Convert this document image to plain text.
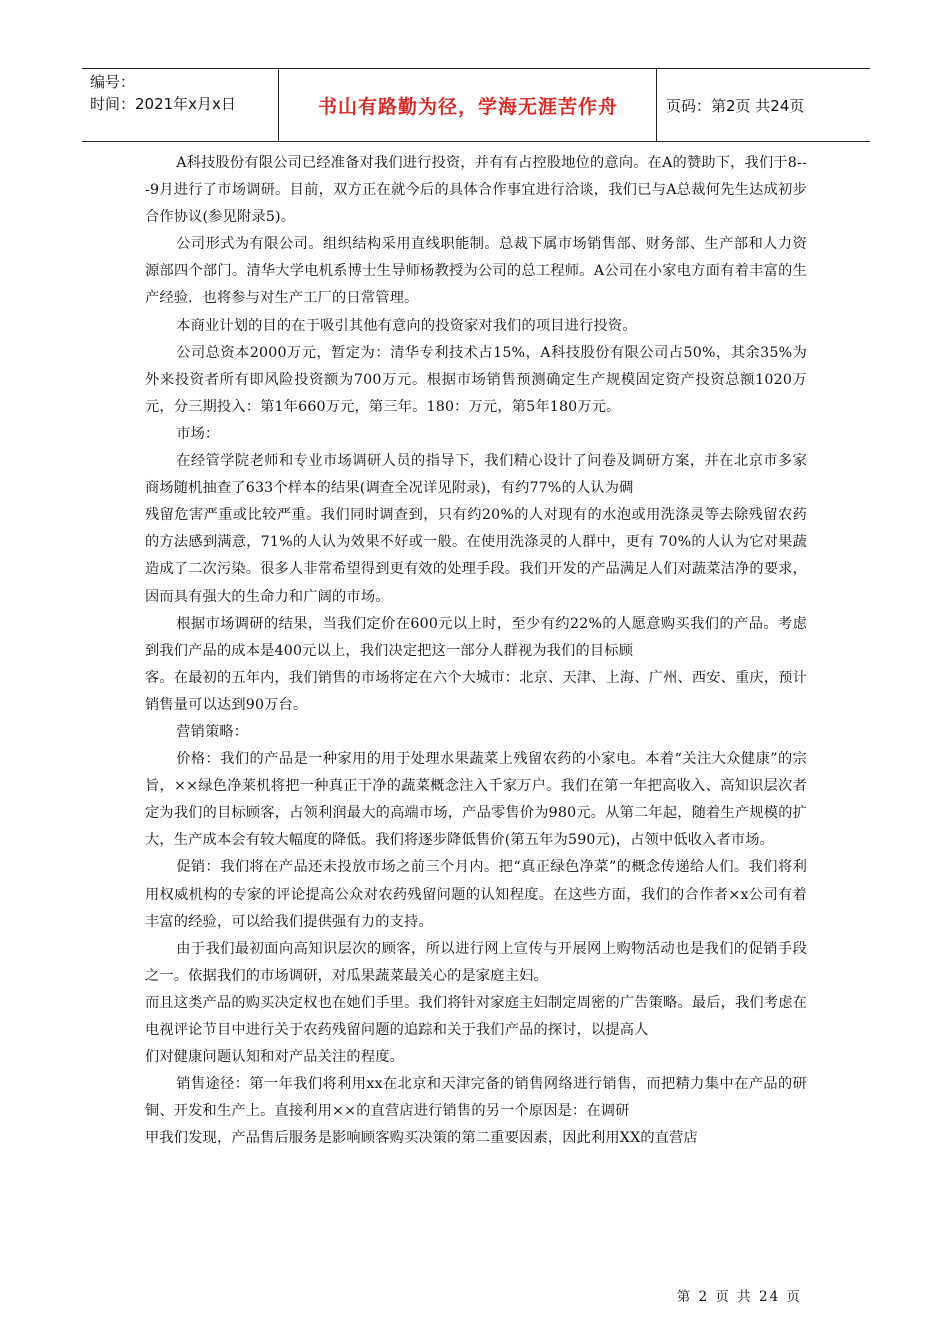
编号：
时间：2021年x月x日	书山有路勤为径，学海无涯苦作舟	页码：第2页 共24页

A科技股份有限公司已经准备对我们进行投资，并有有占控股地位的意向。在A的赞助下，我们于8---9月进行了市场调研。目前，双方正在就今后的具体合作事宜进行洽谈，我们已与A总裁何先生达成初步合作协议(参见附录5)。

公司形式为有限公司。组织结构采用直线职能制。总裁下属市场销售部、财务部、生产部和人力资源部四个部门。清华大学电机系博士生导师杨教授为公司的总工程师。A公司在小家电方面有着丰富的生产经验．也将参与对生产工厂的日常管理。

本商业计划的目的在于吸引其他有意向的投资家对我们的项目进行投资。

公司总资本2000万元，暂定为：清华专利技术占15%，A科技股份有限公司占50%，其余35%为外来投资者所有即风险投资额为700万元。根据市场销售预测确定生产规模固定资产投资总额1020万元，分三期投入：第1年660万元，第三年。180：万元，第5年180万元。

市场：

在经管学院老师和专业市场调研人员的指导下，我们精心设计了问卷及调研方案，并在北京市多家商场随机抽查了633个样本的结果(调查全况详见附录)，有约77%的人认为碉

残留危害严重或比较严重。我们同时调查到，只有约20%的人对现有的水泡或用洗涤灵等去除残留农药的方法感到满意，71%的人认为效果不好或一般。在使用洗涤灵的人群中，更有 70%的人认为它对果蔬造成了二次污染。很多人非常希望得到更有效的处理手段。我们开发的产品满足人们对蔬菜洁净的要求，因而具有强大的生命力和广阔的市场。

根据市场调研的结果，当我们定价在600元以上时，至少有约22%的人愿意购买我们的产品。考虑到我们产品的成本是400元以上，我们决定把这一部分人群视为我们的目标顾

客。在最初的五年内，我们销售的市场将定在六个大城市：北京、天津、上海、广州、西安、重庆，预计销售量可以达到90万台。

营销策略：

价格：我们的产品是一种家用的用于处理水果蔬菜上残留农药的小家电。本着“关注大众健康”的宗旨，××绿色净莱机将把一种真正干净的蔬菜概念注入千家万户。我们在第一年把高收入、高知识层次者定为我们的目标顾客，占领利润最大的高端市场，产品零售价为980元。从第二年起，随着生产规模的扩大，生产成本会有较大幅度的降低。我们将逐步降低售价(第五年为590元)，占领中低收入者市场。

促销：我们将在产品还未投放市场之前三个月内。把“真正绿色净菜”的概念传递给人们。我们将利用权威机构的专家的评论提高公众对农药残留问题的认知程度。在这些方面，我们的合作者×x公司有着丰富的经验，可以给我们提供强有力的支持。

由于我们最初面向高知识层次的顾客，所以进行网上宣传与开展网上购物活动也是我们的促销手段之一。依据我们的市场调研，对瓜果蔬菜最关心的是家庭主妇。

而且这类产品的购买决定权也在她们手里。我们将针对家庭主妇制定周密的广告策略。最后，我们考虑在电视评论节目中进行关于农药残留问题的追踪和关于我们产品的探讨，以提高人

们对健康问题认知和对产品关注的程度。

销售途径：第一年我们将利用xx在北京和天津完备的销售网络进行销售，而把精力集中在产品的研铜、开发和生产上。直接利用××的直营店进行销售的另一个原因是：在调研

甲我们发现，产品售后服务是影响顾客购买决策的第二重要因素，因此利用XX的直营店

第 2 页 共 24 页
